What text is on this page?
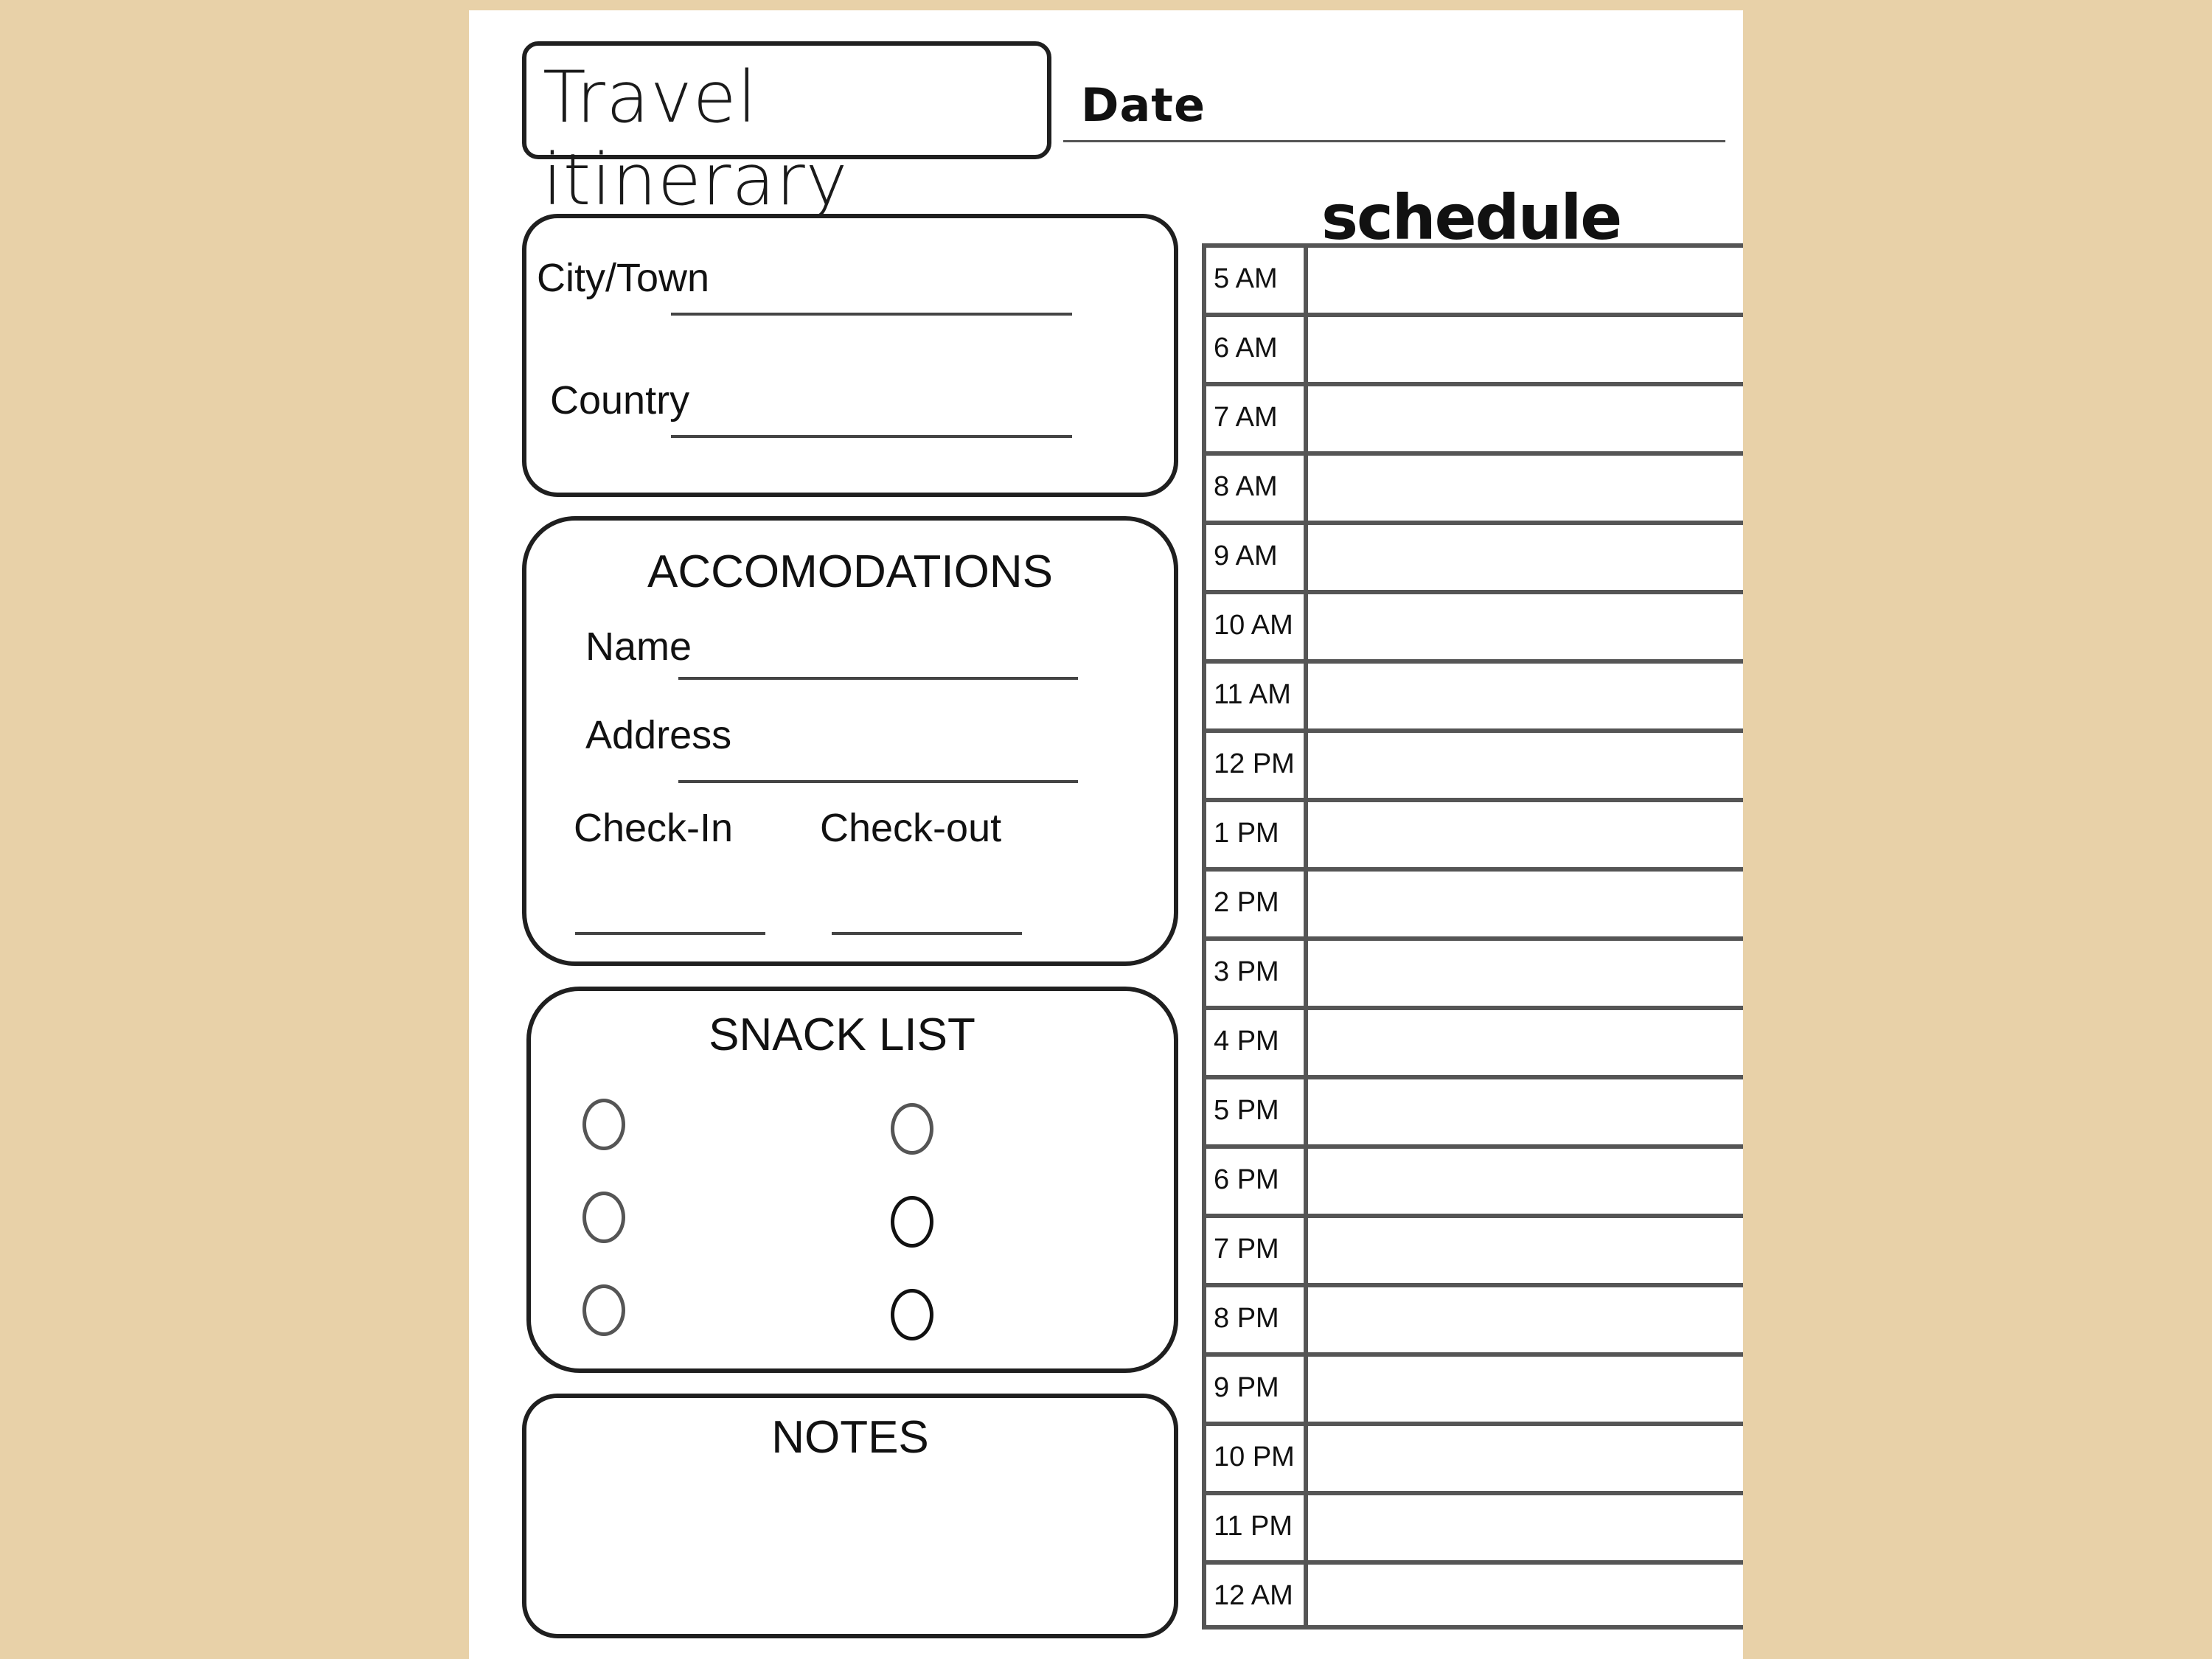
Travel itinerary
Date
City/Town
Country
ACCOMODATIONS
Name
Address
Check-In Check-out
SNACK LIST
NOTES
schedule
5 AM
6 AM
7 AM
8 AM
9 AM
10 AM
11 AM
12 PM
1 PM
2 PM
3 PM
4 PM
5 PM
6 PM
7 PM
8 PM
9 PM
10 PM
11 PM
12 AM
